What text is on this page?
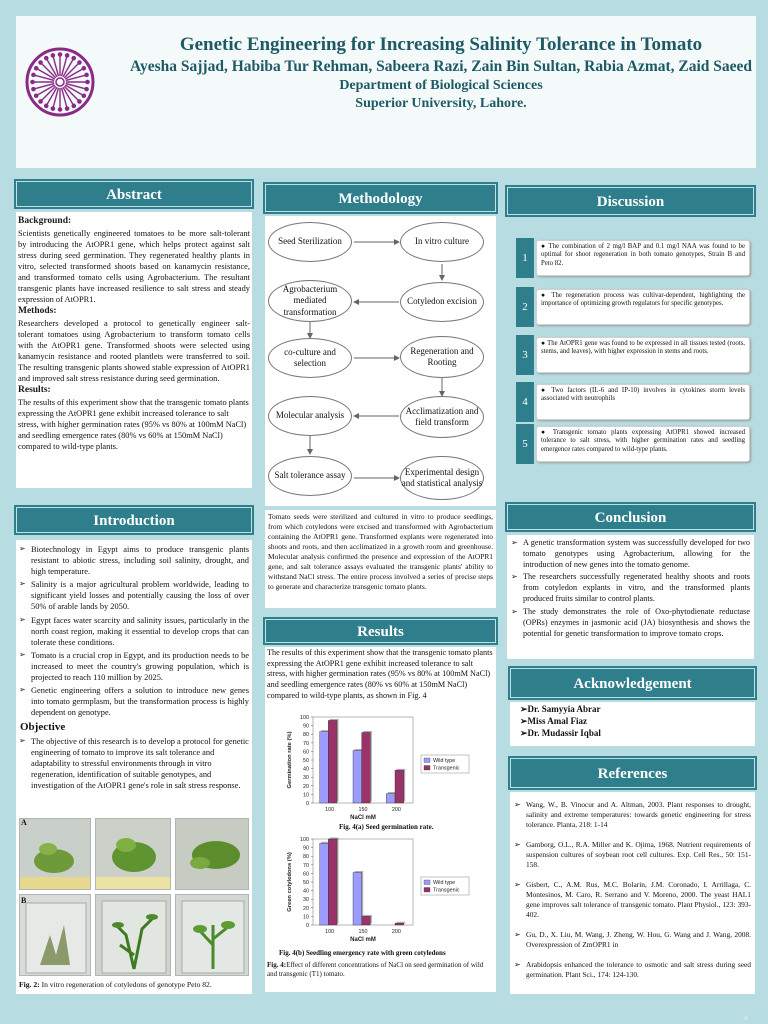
Genetic Engineering for Increasing Salinity Tolerance in Tomato
Ayesha Sajjad, Habiba Tur Rehman, Sabeera Razi, Zain Bin Sultan, Rabia Azmat, Zaid Saeed
Department of Biological Sciences
Superior University, Lahore.
Abstract

Background:

Scientists genetically engineered tomatoes to be more salt-tolerant by introducing the AtOPR1 gene, which helps protect against salt stress during seed germination. They regenerated healthy plants in vitro, selected transformed shoots based on kanamycin resistance, and transformed tomato cells using Agrobacterium. The resultant transgenic plants have increased resilience to salt stress and steady expression of AtOPR1.

Methods:

Researchers developed a protocol to genetically engineer salt-tolerant tomatoes using Agrobacterium to transform tomato cells with the AtOPR1 gene. Transformed shoots were selected using kanamycin resistance and rooted plantlets were transferred to soil. The resulting transgenic plants showed stable expression of AtOPR1 and improved salt stress resistance during seed germination.

Results:

The results of this experiment show that the transgenic tomato plants expressing the AtOPR1 gene exhibit increased tolerance to salt stress, with higher germination rates (95% vs 80% at 100mM NaCl) and seedling emergence rates (80% vs 60% at 150mM NaCl) compared to wild-type plants.

Introduction
➢ Biotechnology in Egypt aims to produce transgenic plants resistant to abiotic stress, including soil salinity, drought, and high temperature.
➢ Salinity is a major agricultural problem worldwide, leading to significant yield losses and potentially causing the loss of over 50% of arable lands by 2050.
➢ Egypt faces water scarcity and salinity issues, particularly in the north coast region, making it essential to develop crops that can tolerate these conditions.
➢ Tomato is a crucial crop in Egypt, and its production needs to be increased to meet the country's growing population, which is projected to reach 110 million by 2025.
➢ Genetic engineering offers a solution to introduce new genes into tomato germplasm, but the transformation process is highly dependent on genotype.
Objective
➢ The objective of this research is to develop a protocol for genetic engineering of tomato to improve its salt tolerance and adaptability to stressful environments through in vitro regeneration, identification of suitable genotypes, and investigation of the AtOPR1 gene's role in salt stress response.
A
B
Fig. 2: In vitro regeneration of cotyledons of genotype Peto 82.
Methodology
Seed Sterilization	In vitro culture
Agrobacterium mediated transformation
Cotyledon excision
co-culture and selection
Regeneration and Rooting
Molecular analysis	Acclimatization and field transform
Salt tolerance assay	Experimental design and statistical analysis
Tomato seeds were sterilized and cultured in vitro to produce seedlings, from which cotyledons were excised and transformed with Agrobacterium containing the AtOPR1 gene. Transformed explants were regenerated into shoots and roots, and then acclimatized in a growth room and greenhouse. Molecular analysis confirmed the presence and expression of the AtOPR1 gene, and salt tolerance assays evaluated the transgenic plants' ability to withstand NaCl stress. The entire process involved a series of precise steps to generate and characterize transgenic tomato plants.
Results

The results of this experiment show that the transgenic tomato plants expressing the AtOPR1 gene exhibit increased tolerance to salt stress, with higher germination rates (95% vs 80% at 100mM NaCl) and seedling emergence rates (80% vs 60% at 150mM NaCl) compared to wild-type plants, as shown in Fig. 4

0
10
20
30
40
50
60
70
80
90
100
100	150	200
NaCl mM
Germination rate (%)	Wild type
Transgenic
Fig. 4(a) Seed germination rate.
0
10
20
30
40
50
60
70
80
90
100
100	150	200
NaCl mM
Green cotyledons (%)	Wild type
Transgenic
Fig. 4(b) Seedling emergency rate with green cotyledons
Fig. 4:Effect of different concentrations of NaCl on seed germination of wild and transgenic (T1) tomato.
Discussion
1
● The combination of 2 mg/l BAP and 0.1 mg/l NAA was found to be optimal for shoot regeneration in both tomato genotypes, Strain B and Peto 82.
2
● The regeneration process was cultivar-dependent, highlighting the importance of optimizing growth regulators for specific genotypes.
3
● The AtOPR1 gene was found to be expressed in all tissues tested (roots, stems, and leaves), with higher expression in stems and roots.
4
● Two factors (IL-6 and IP-10) involves in cytokines storm levels associated with neutrophils
5
● Transgenic tomato plants expressing AtOPR1 showed increased tolerance to salt stress, with higher germination rates and seedling emergence rates compared to wild-type plants.
Conclusion
➢ A genetic transformation system was successfully developed for two tomato genotypes using Agrobacterium, allowing for the introduction of new genes into the tomato genome.
➢ The researchers successfully regenerated healthy shoots and roots from cotyledon explants in vitro, and the transformed plants produced fruits similar to control plants.
➢ The study demonstrates the role of Oxo-phytodienate reductase (OPRs) enzymes in jasmonic acid (JA) biosynthesis and shows the potential for genetic transformation to improve tomato crops.
Acknowledgement
➢Dr. Samyyia Abrar
➢Miss Amal Fiaz
➢Dr. Mudassir Iqbal
References
➢ Wang, W., B. Vinocur and A. Altman, 2003. Plant responses to drought, salinity and extreme temperatures: towards genetic engineering for stress tolerance. Planta, 218: 1-14
➢ Gamborg, O.L., R.A. Miller and K. Ojima, 1968. Nutrient requirements of suspension cultures of soybean root cell cultures. Exp. Cell Res., 50: 151-158.
➢ Gisbert, C., A.M. Rus, M.C. Bolarin, J.M. Coronado, I. Arrillaga, C. Montesinos, M. Caro, R. Serrano and V. Moreno, 2000. The yeast HAL1 gene improves salt tolerance of transgenic tomato. Plant Physiol., 123: 393-402.
➢ Gu, D., X. Liu, M. Wang, J. Zheng, W. Hou, G. Wang and J. Wang, 2008. Overexpression of ZmOPR1 in
➢ Arabidopsis enhanced the tolerance to osmotic and salt stress during seed germination. Plant Sci., 174: 124-130.
©
